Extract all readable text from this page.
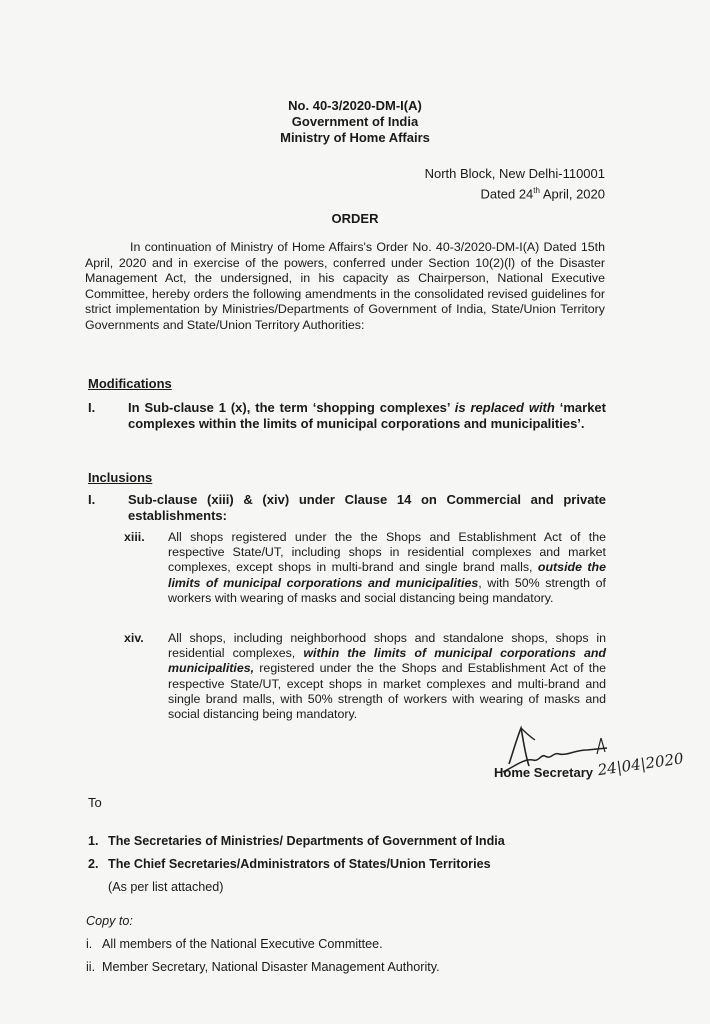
No. 40-3/2020-DM-I(A)
Government of India
Ministry of Home Affairs
North Block, New Delhi-110001
Dated 24th April, 2020
ORDER
In continuation of Ministry of Home Affairs's Order No. 40-3/2020-DM-I(A) Dated 15th April, 2020 and in exercise of the powers, conferred under Section 10(2)(l) of the Disaster Management Act, the undersigned, in his capacity as Chairperson, National Executive Committee, hereby orders the following amendments in the consolidated revised guidelines for strict implementation by Ministries/Departments of Government of India, State/Union Territory Governments and State/Union Territory Authorities:
Modifications
I.	In Sub-clause 1 (x), the term ‘shopping complexes’ is replaced with ‘market complexes within the limits of municipal corporations and municipalities’.
Inclusions
I.	Sub-clause (xiii) & (xiv) under Clause 14 on Commercial and private establishments:
xiii.	All shops registered under the the Shops and Establishment Act of the respective State/UT, including shops in residential complexes and market complexes, except shops in multi-brand and single brand malls, outside the limits of municipal corporations and municipalities, with 50% strength of workers with wearing of masks and social distancing being mandatory.
xiv.	All shops, including neighborhood shops and standalone shops, shops in residential complexes, within the limits of municipal corporations and municipalities, registered under the the Shops and Establishment Act of the respective State/UT, except shops in market complexes and multi-brand and single brand malls, with 50% strength of workers with wearing of masks and social distancing being mandatory.
24|04|2020
Home Secretary
To
1. The Secretaries of Ministries/ Departments of Government of India
2. The Chief Secretaries/Administrators of States/Union Territories
(As per list attached)
Copy to:
i. All members of the National Executive Committee.
ii. Member Secretary, National Disaster Management Authority.
